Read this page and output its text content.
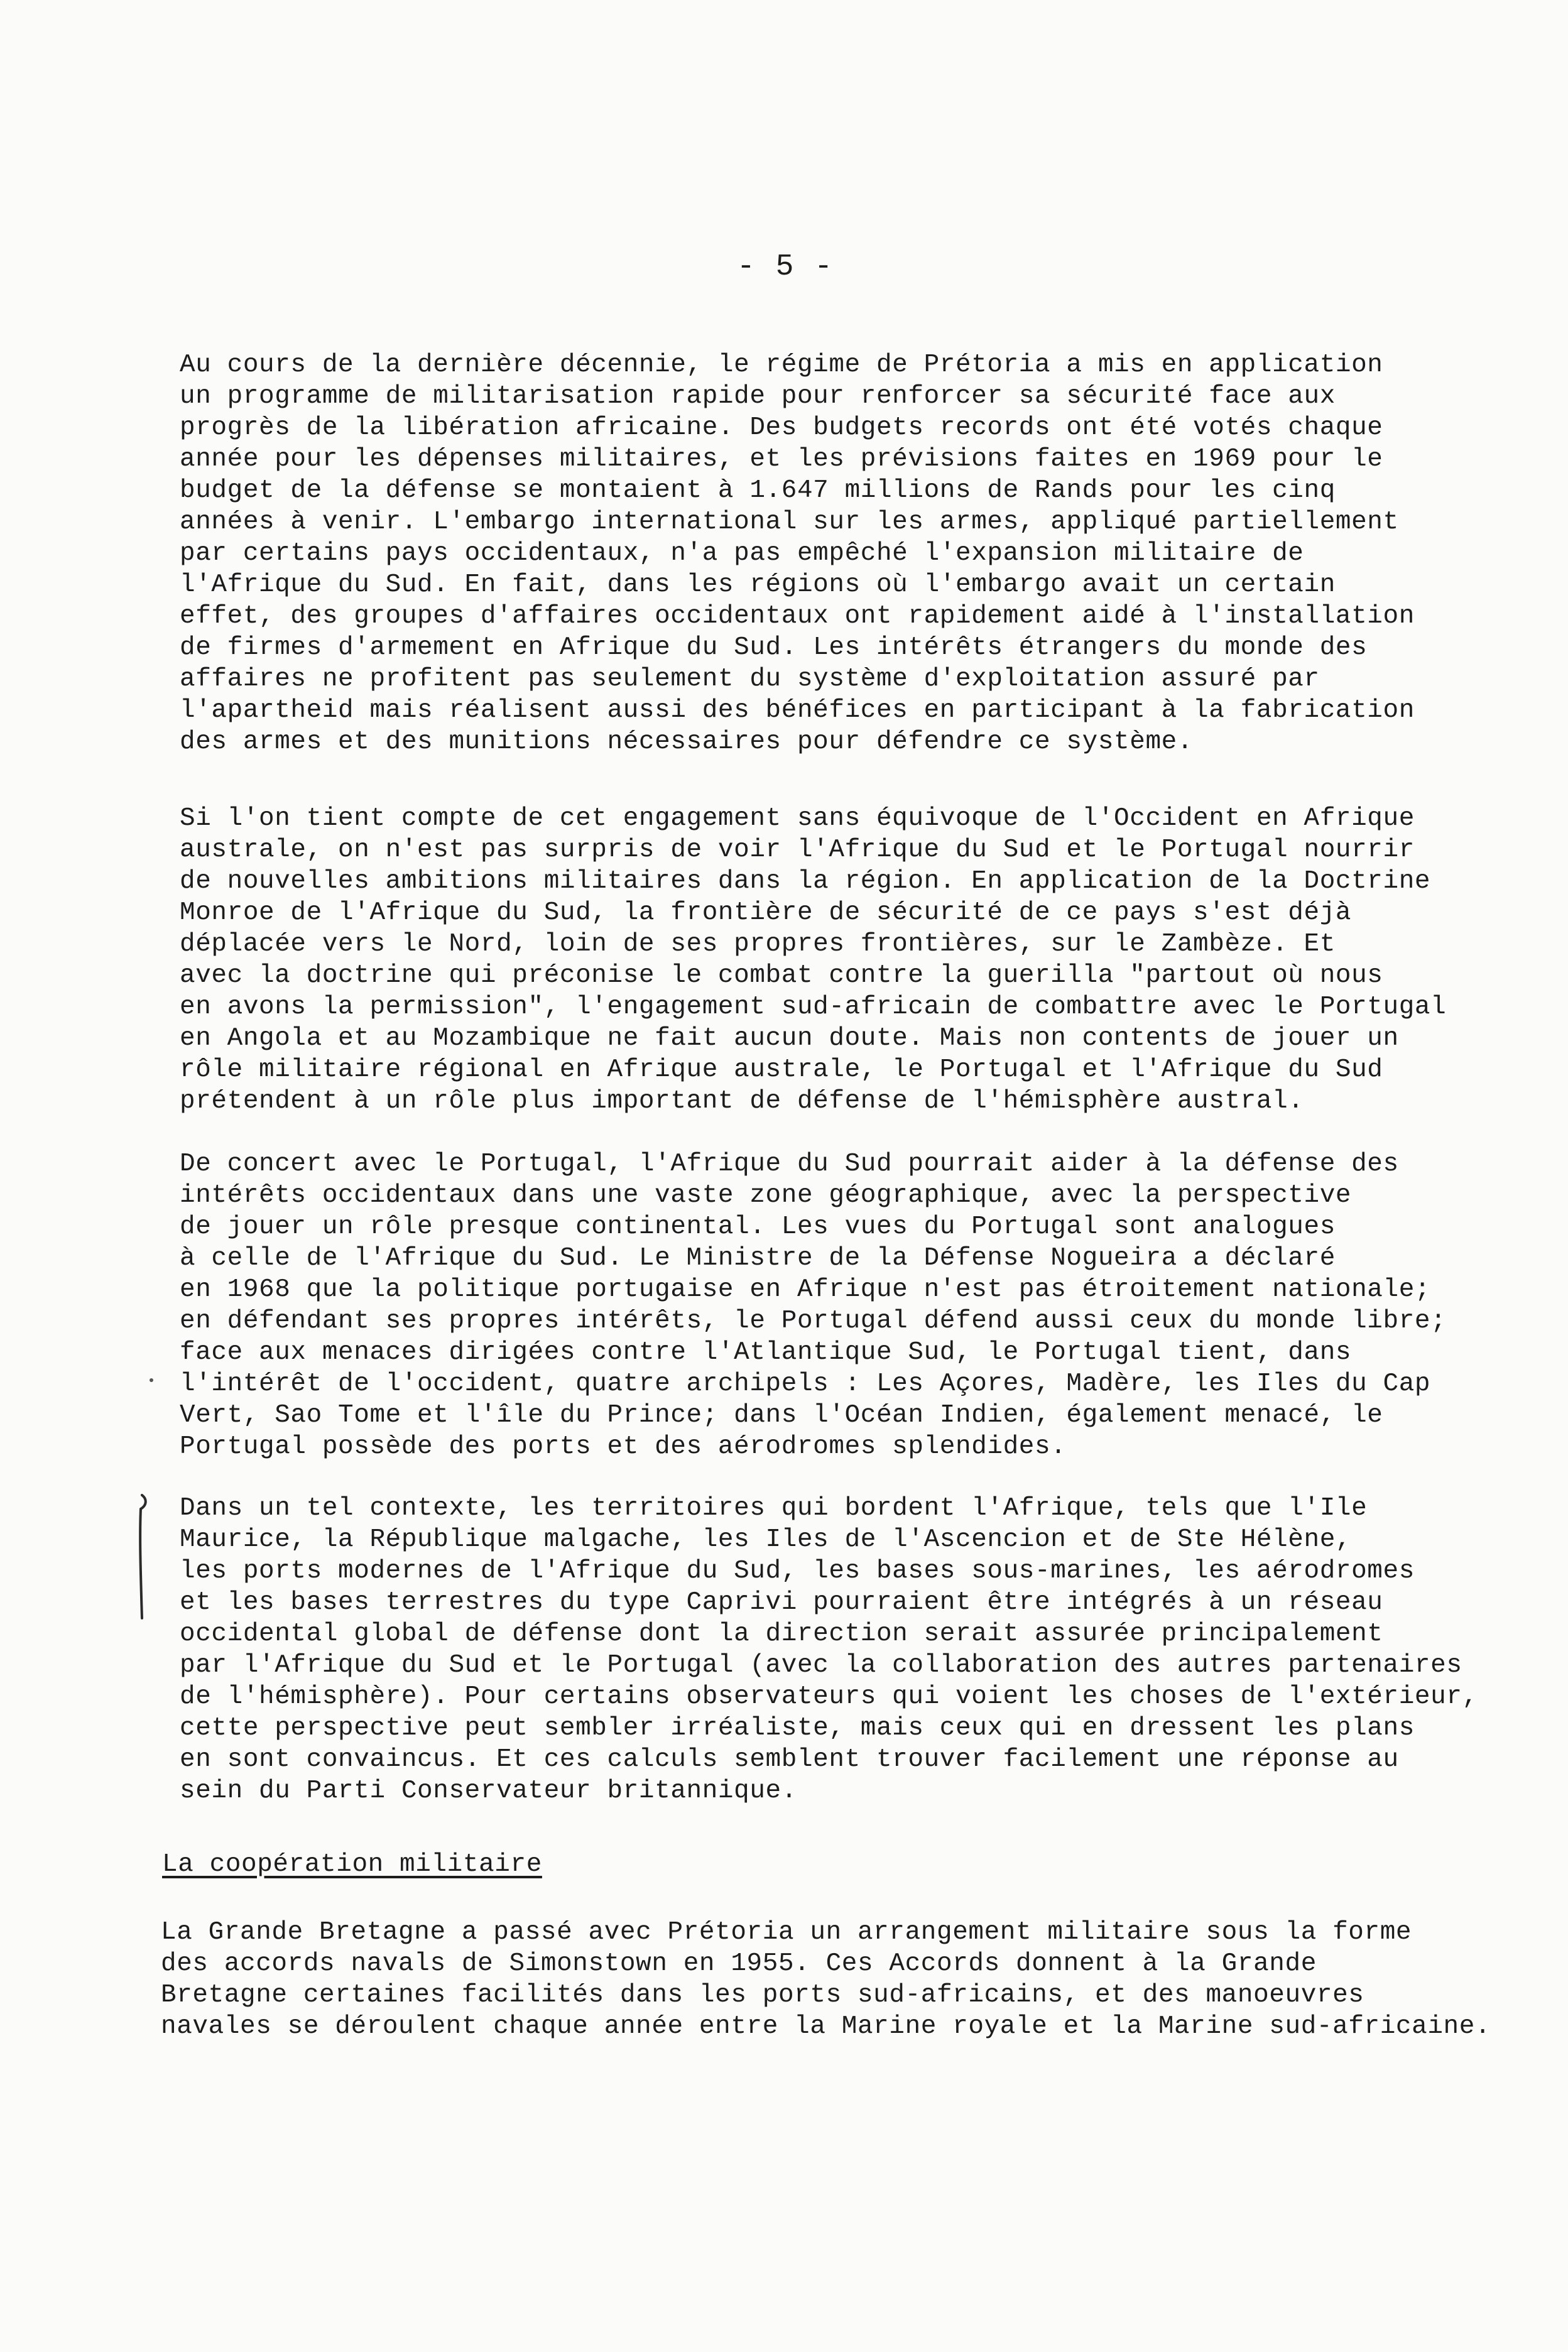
- 5 -
Au cours de la dernière décennie, le régime de Prétoria a mis en application
un programme de militarisation rapide pour renforcer sa sécurité face aux
progrès de la libération africaine. Des budgets records ont été votés chaque
année pour les dépenses militaires, et les prévisions faites en 1969 pour le
budget de la défense se montaient à 1.647 millions de Rands pour les cinq
années à venir. L'embargo international sur les armes, appliqué partiellement
par certains pays occidentaux, n'a pas empêché l'expansion militaire de
l'Afrique du Sud. En fait, dans les régions où l'embargo avait un certain
effet, des groupes d'affaires occidentaux ont rapidement aidé à l'installation
de firmes d'armement en Afrique du Sud. Les intérêts étrangers du monde des
affaires ne profitent pas seulement du système d'exploitation assuré par
l'apartheid mais réalisent aussi des bénéfices en participant à la fabrication
des armes et des munitions nécessaires pour défendre ce système.
Si l'on tient compte de cet engagement sans équivoque de l'Occident en Afrique
australe, on n'est pas surpris de voir l'Afrique du Sud et le Portugal nourrir
de nouvelles ambitions militaires dans la région. En application de la Doctrine
Monroe de l'Afrique du Sud, la frontière de sécurité de ce pays s'est déjà
déplacée vers le Nord, loin de ses propres frontières, sur le Zambèze. Et
avec la doctrine qui préconise le combat contre la guerilla "partout où nous
en avons la permission", l'engagement sud-africain de combattre avec le Portugal
en Angola et au Mozambique ne fait aucun doute. Mais non contents de jouer un
rôle militaire régional en Afrique australe, le Portugal et l'Afrique du Sud
prétendent à un rôle plus important de défense de l'hémisphère austral.
De concert avec le Portugal, l'Afrique du Sud pourrait aider à la défense des
intérêts occidentaux dans une vaste zone géographique, avec la perspective
de jouer un rôle presque continental. Les vues du Portugal sont analogues
à celle de l'Afrique du Sud. Le Ministre de la Défense Nogueira a déclaré
en 1968 que la politique portugaise en Afrique n'est pas étroitement nationale;
en défendant ses propres intérêts, le Portugal défend aussi ceux du monde libre;
face aux menaces dirigées contre l'Atlantique Sud, le Portugal tient, dans
l'intérêt de l'occident, quatre archipels : Les Açores, Madère, les Iles du Cap
Vert, Sao Tome et l'île du Prince; dans l'Océan Indien, également menacé, le
Portugal possède des ports et des aérodromes splendides.
Dans un tel contexte, les territoires qui bordent l'Afrique, tels que l'Ile
Maurice, la République malgache, les Iles de l'Ascencion et de Ste Hélène,
les ports modernes de l'Afrique du Sud, les bases sous-marines, les aérodromes
et les bases terrestres du type Caprivi pourraient être intégrés à un réseau
occidental global de défense dont la direction serait assurée principalement
par l'Afrique du Sud et le Portugal (avec la collaboration des autres partenaires
de l'hémisphère). Pour certains observateurs qui voient les choses de l'extérieur,
cette perspective peut sembler irréaliste, mais ceux qui en dressent les plans
en sont convaincus. Et ces calculs semblent trouver facilement une réponse au
sein du Parti Conservateur britannique.
La coopération militaire
La Grande Bretagne a passé avec Prétoria un arrangement militaire sous la forme
des accords navals de Simonstown en 1955. Ces Accords donnent à la Grande
Bretagne certaines facilités dans les ports sud-africains, et des manoeuvres
navales se déroulent chaque année entre la Marine royale et la Marine sud-africaine.
